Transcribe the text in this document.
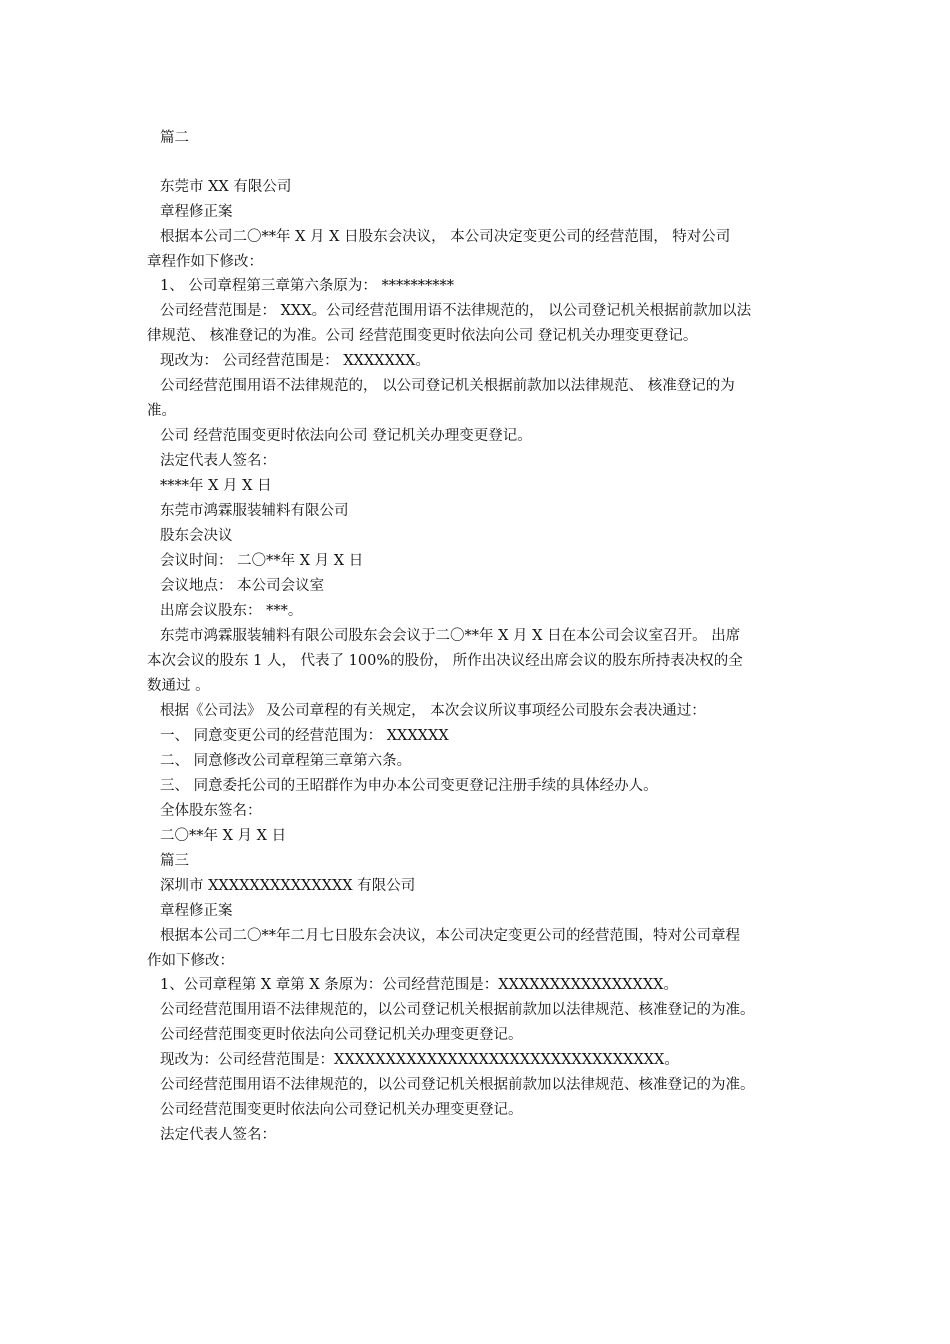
篇二

东莞市 XX 有限公司

章程修正案

根据本公司二〇**年 X 月 X 日股东会决议， 本公司决定变更公司的经营范围， 特对公司

章程作如下修改：

1、 公司章程第三章第六条原为： **********

公司经营范围是： XXX。公司经营范围用语不法律规范的， 以公司登记机关根据前款加以法

律规范、 核准登记的为准。公司 经营范围变更时依法向公司 登记机关办理变更登记。

现改为： 公司经营范围是： XXXXXXX。

公司经营范围用语不法律规范的， 以公司登记机关根据前款加以法律规范、 核准登记的为

准。

公司 经营范围变更时依法向公司 登记机关办理变更登记。

法定代表人签名：

****年 X 月 X 日

东莞市鸿霖服装辅料有限公司

股东会决议

会议时间： 二〇**年 X 月 X 日

会议地点： 本公司会议室

出席会议股东： ***。

东莞市鸿霖服装辅料有限公司股东会会议于二〇**年 X 月 X 日在本公司会议室召开。 出席

本次会议的股东 1 人， 代表了 100%的股份， 所作出决议经出席会议的股东所持表决权的全

数通过 。

根据《公司法》 及公司章程的有关规定， 本次会议所议事项经公司股东会表决通过：

一、 同意变更公司的经营范围为： XXXXXX

二、 同意修改公司章程第三章第六条。

三、 同意委托公司的王昭群作为申办本公司变更登记注册手续的具体经办人。

全体股东签名：

二〇**年 X 月 X 日

篇三

深圳市 XXXXXXXXXXXXXX 有限公司

章程修正案

根据本公司二〇**年二月七日股东会决议，本公司决定变更公司的经营范围，特对公司章程

作如下修改：

1、公司章程第 X 章第 X 条原为：公司经营范围是：XXXXXXXXXXXXXXXX。

公司经营范围用语不法律规范的，以公司登记机关根据前款加以法律规范、核准登记的为准。

公司经营范围变更时依法向公司登记机关办理变更登记。

现改为：公司经营范围是：XXXXXXXXXXXXXXXXXXXXXXXXXXXXXXXX。

公司经营范围用语不法律规范的，以公司登记机关根据前款加以法律规范、核准登记的为准。

公司经营范围变更时依法向公司登记机关办理变更登记。

法定代表人签名：
